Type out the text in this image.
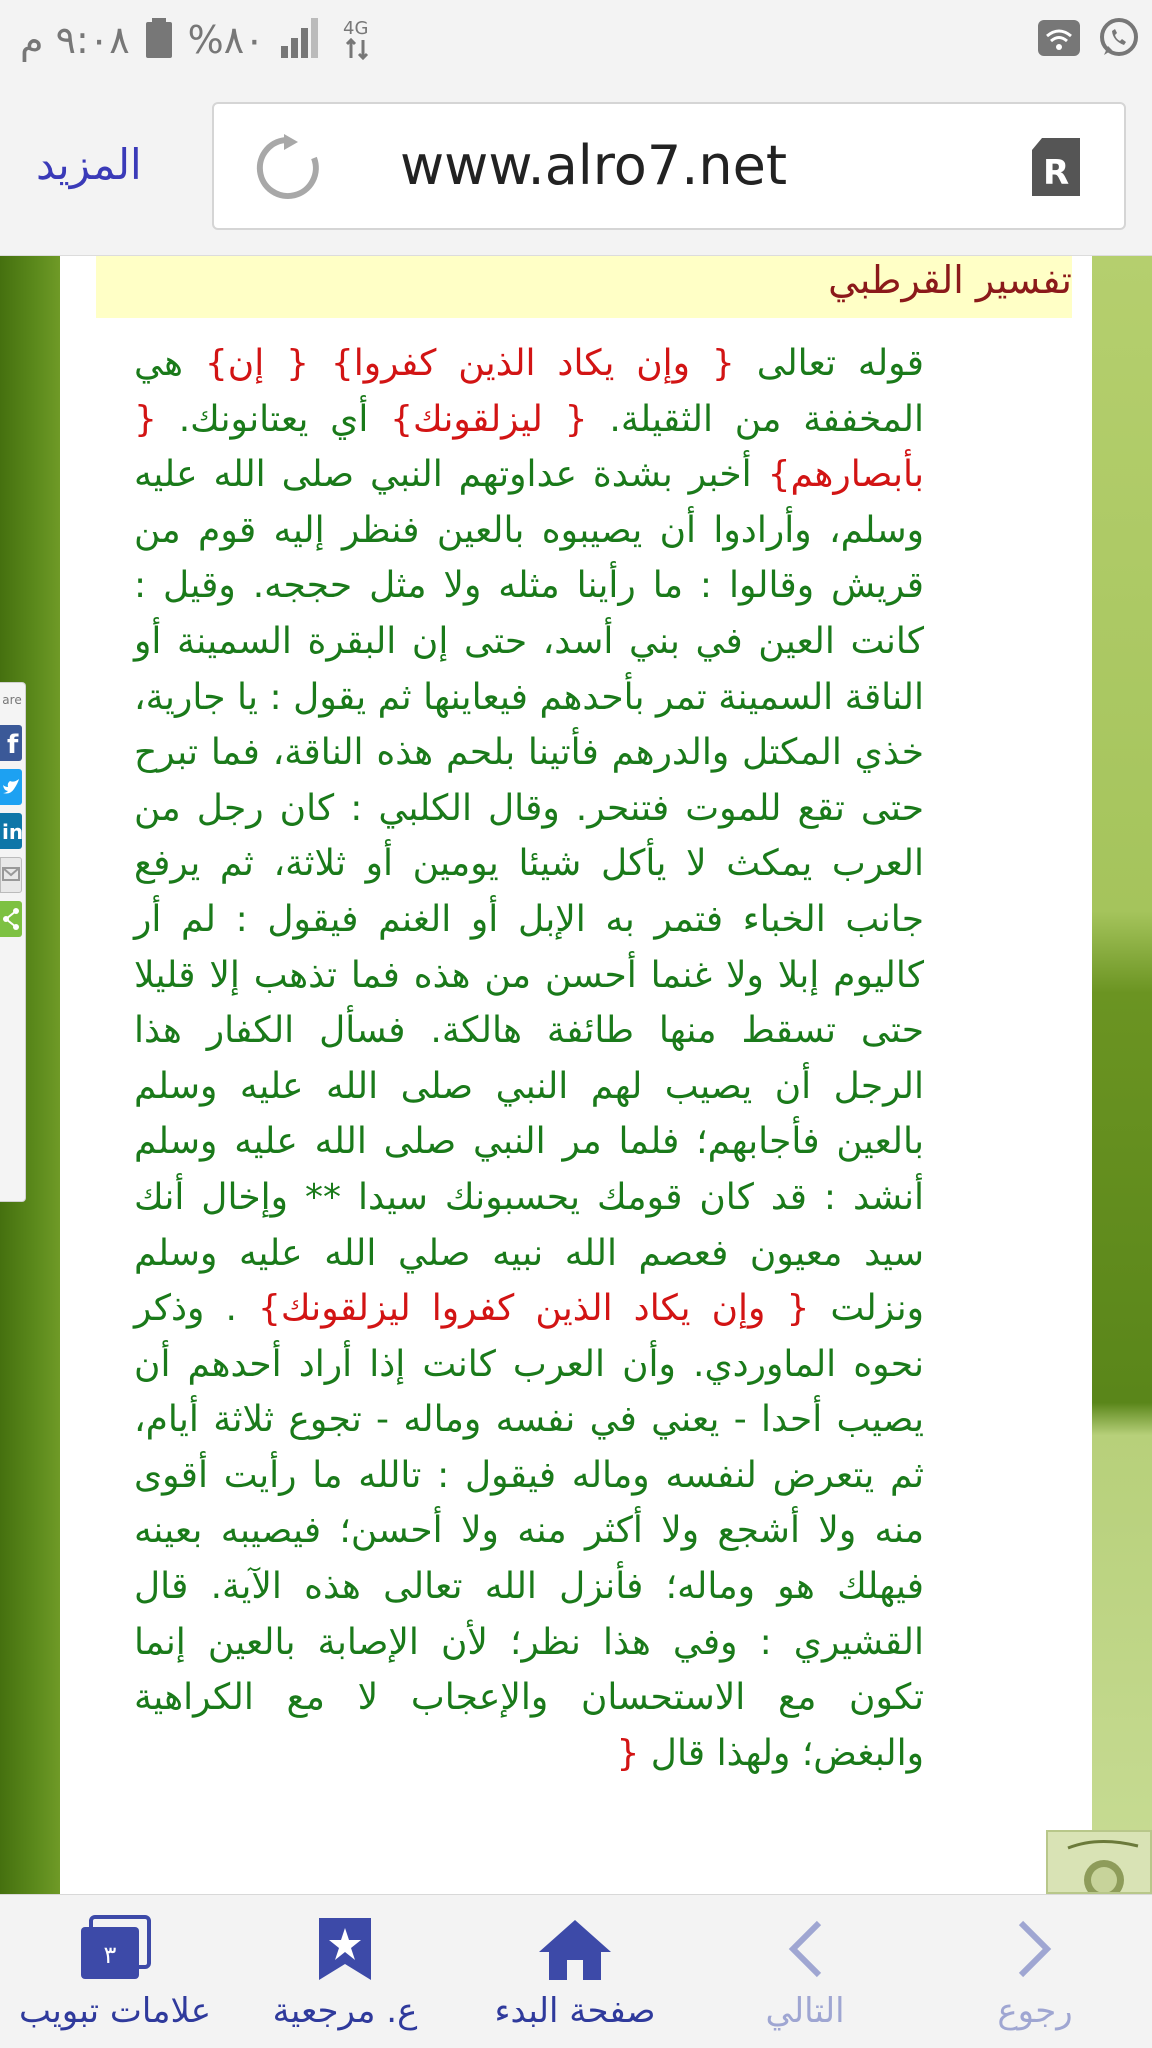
٩:٠٨ م %٨٠	4G
المزيد	www.alro7.net	R
تفسير القرطبي
قوله تعالى { وإن يكاد الذين كفروا} { إن} هي المخففة من الثقيلة. { ليزلقونك} أي يعتانونك. { بأبصارهم} أخبر بشدة عداوتهم النبي صلى الله عليه وسلم، وأرادوا أن يصيبوه بالعين فنظر إليه قوم من قريش وقالوا : ما رأينا مثله ولا مثل حججه. وقيل : كانت العين في بني أسد، حتى إن البقرة السمينة أو الناقة السمينة تمر بأحدهم فيعاينها ثم يقول : يا جارية، خذي المكتل والدرهم فأتينا بلحم هذه الناقة، فما تبرح حتى تقع للموت فتنحر. وقال الكلبي : كان رجل من العرب يمكث لا يأكل شيئا يومين أو ثلاثة، ثم يرفع جانب الخباء فتمر به الإبل أو الغنم فيقول : لم أر كاليوم إبلا ولا غنما أحسن من هذه فما تذهب إلا قليلا حتى تسقط منها طائفة هالكة. فسأل الكفار هذا الرجل أن يصيب لهم النبي صلى الله عليه وسلم بالعين فأجابهم؛ فلما مر النبي صلى الله عليه وسلم أنشد : قد كان قومك يحسبونك سيدا ** وإخال أنك سيد معيون فعصم الله نبيه صلي الله عليه وسلم ونزلت { وإن يكاد الذين كفروا ليزلقونك} . وذكر نحوه الماوردي. وأن العرب كانت إذا أراد أحدهم أن يصيب أحدا - يعني في نفسه وماله - تجوع ثلاثة أيام، ثم يتعرض لنفسه وماله فيقول : تالله ما رأيت أقوى منه ولا أشجع ولا أكثر منه ولا أحسن؛ فيصيبه بعينه فيهلك هو وماله؛ فأنزل الله تعالى هذه الآية. قال القشيري : وفي هذا نظر؛ لأن الإصابة بالعين إنما تكون مع الاستحسان والإعجاب لا مع الكراهية والبغض؛ ولهذا قال {
are
f
in
٣
علامات تبويب	ع. مرجعية	صفحة البدء	التالي	رجوع
